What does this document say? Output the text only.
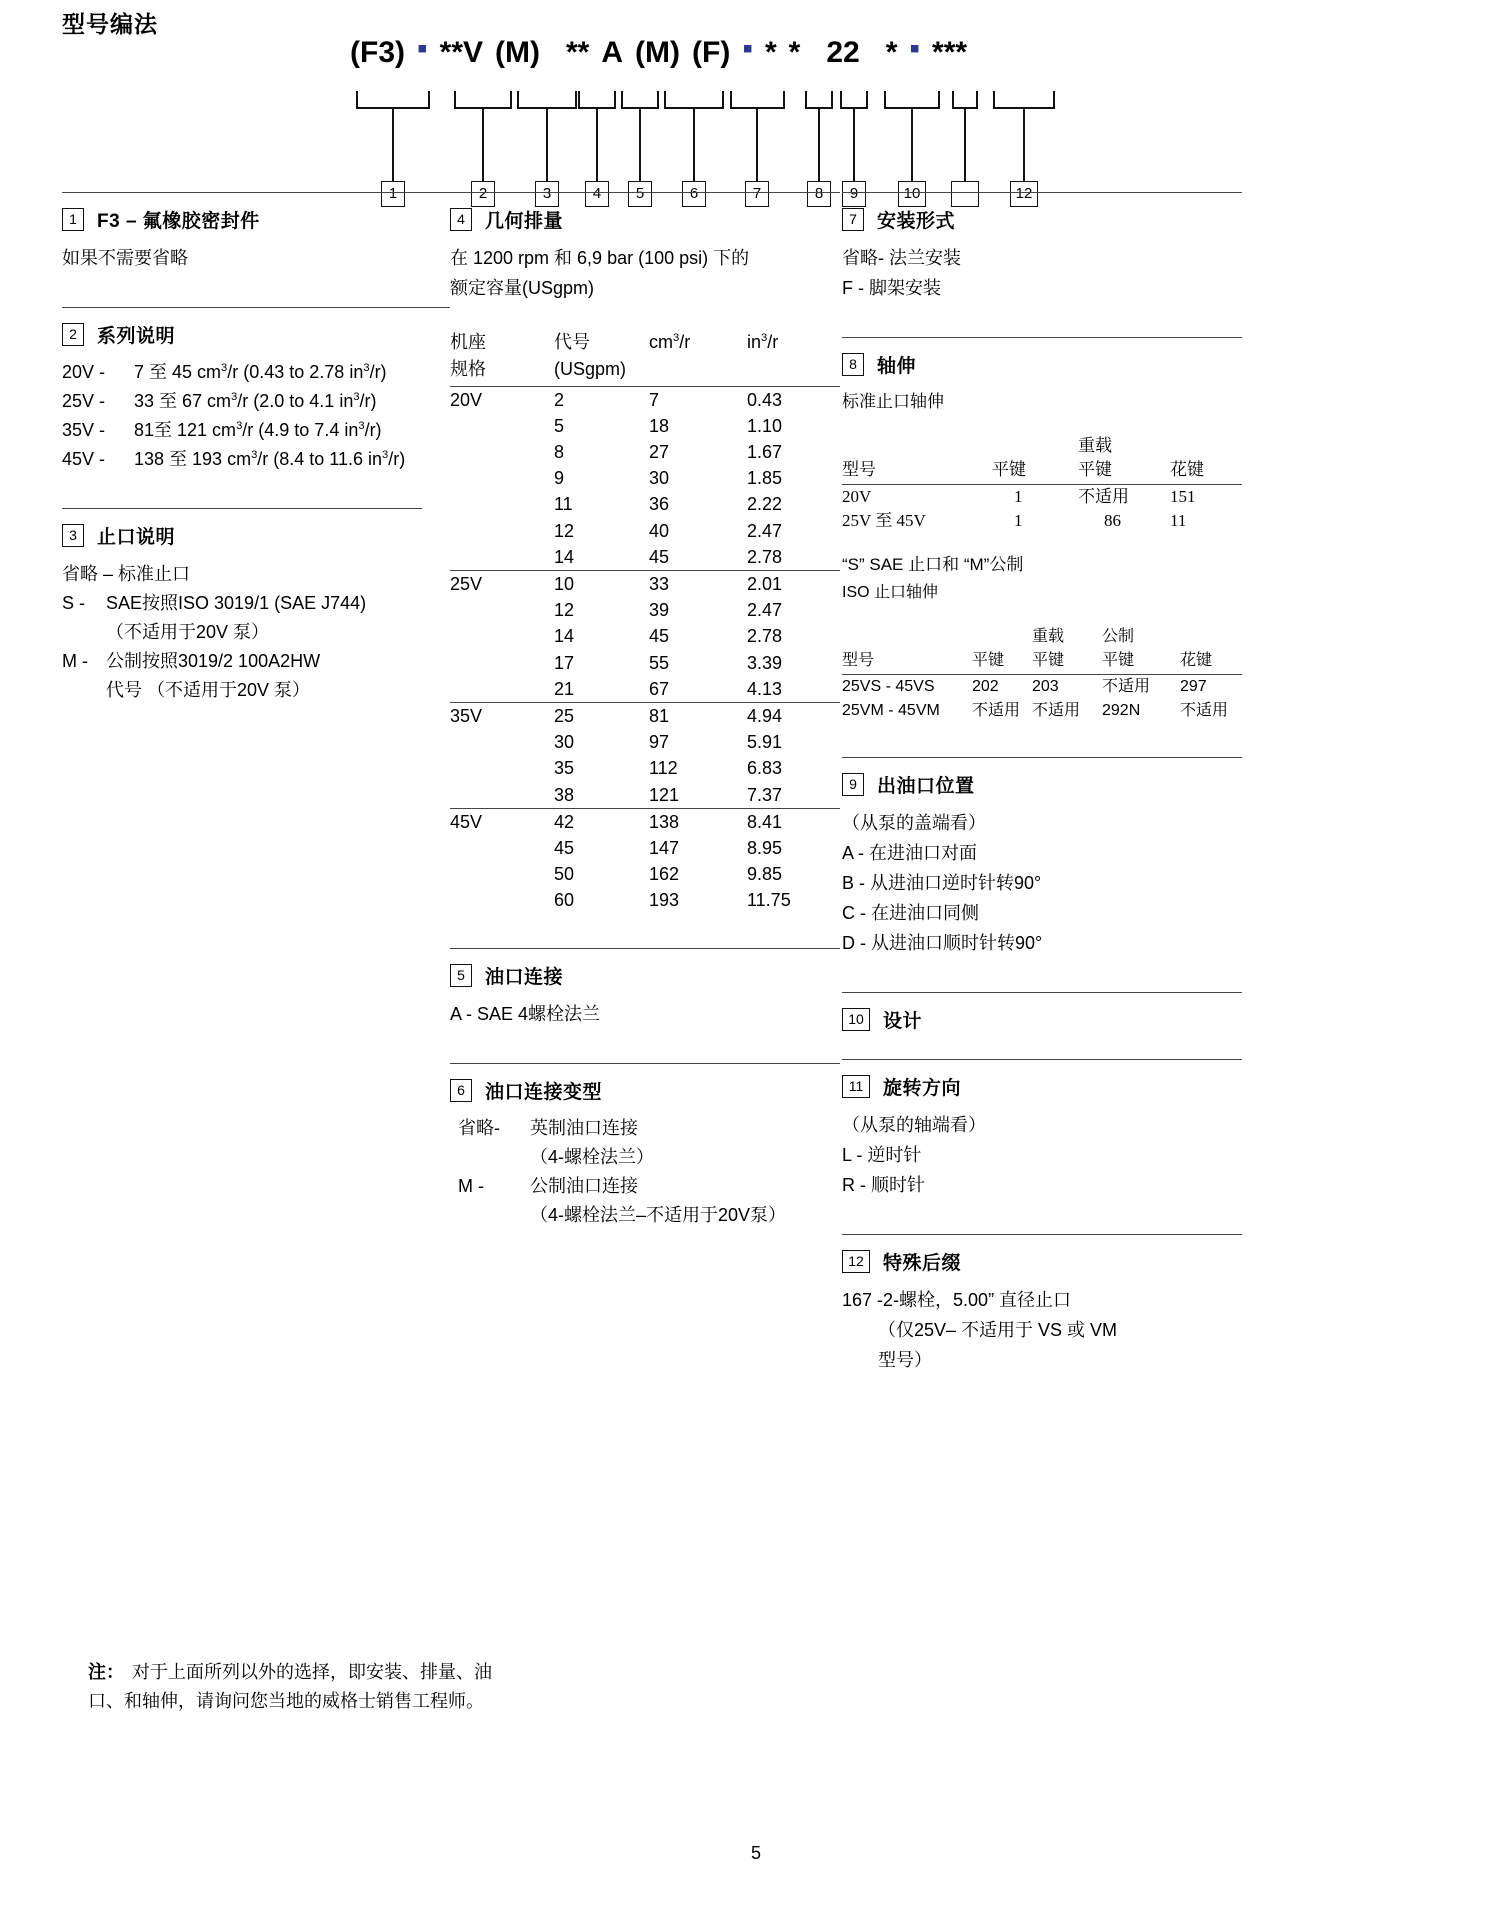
型号编法
(F3) ▪ **V (M) ** A (M) (F) ▪ * * 22 * ▪ ***
1	2	3	4	5	6	7	8	9	10	12
1	F3 – 氟橡胶密封件
如果不需要省略
2	系列说明
20V -	7 至 45 $cm^3/r$ (0.43 to 2.78 $in^3/r$)
25V -	33 至 67 $cm^3/r$ (2.0 to 4.1 $in^3/r$)
35V -	81至 121 $cm^3/r$ (4.9 to 7.4 $in^3/r$)
45V -	138 至 193 $cm^3/r$ (8.4 to 11.6 $in^3/r$)
3	止口说明
省略 – 标准止口
S -	SAE按照ISO 3019/1 (SAE J744)
（不适用于20V 泵）
M -	公制按照3019/2 100A2HW
代号 （不适用于20V 泵）
4	几何排量
在 1200 rpm 和 6,9 bar (100 psi) 下的
额定容量(USgpm)
机座	代号	$cm^3/r$	$in^3/r$
规格	(USgpm)		

20V	2	7	0.43
	5	18	1.10
	8	27	1.67
	9	30	1.85
	11	36	2.22
	12	40	2.47
	14	45	2.78
25V	10	33	2.01
	12	39	2.47
	14	45	2.78
	17	55	3.39
	21	67	4.13
35V	25	81	4.94
	30	97	5.91
	35	112	6.83
	38	121	7.37
45V	42	138	8.41
	45	147	8.95
	50	162	9.85
	60	193	11.75
5	油口连接
A - SAE 4螺栓法兰
6	油口连接变型
省略-	英制油口连接
（4-螺栓法兰）
M -	公制油口连接
（4-螺栓法兰–不适用于20V泵）
7	安装形式
省略- 法兰安装
F - 脚架安装
8	轴伸
标准止口轴伸
		重载	
型号	平键	平键	花键

20V	1	不适用	151
25V 至 45V	1	86	11
“S” SAE 止口和 “M”公制
ISO 止口轴伸
		重载	公制	
型号	平键	平键	平键	花键

25VS - 45VS	202	203	不适用	297
25VM - 45VM	不适用	不适用	292N	不适用
9	出油口位置
（从泵的盖端看）
A - 在进油口对面
B - 从进油口逆时针转90°
C - 在进油口同侧
D - 从进油口顺时针转90°
10	设计
11	旋转方向
（从泵的轴端看）
L - 逆时针
R - 顺时针
12	特殊后缀
167 -2-螺栓，5.00” 直径止口
（仅25V– 不适用于 VS 或 VM
型号）
注： 对于上面所列以外的选择，即安装、排量、油
口、和轴伸，请询问您当地的威格士销售工程师。
5
